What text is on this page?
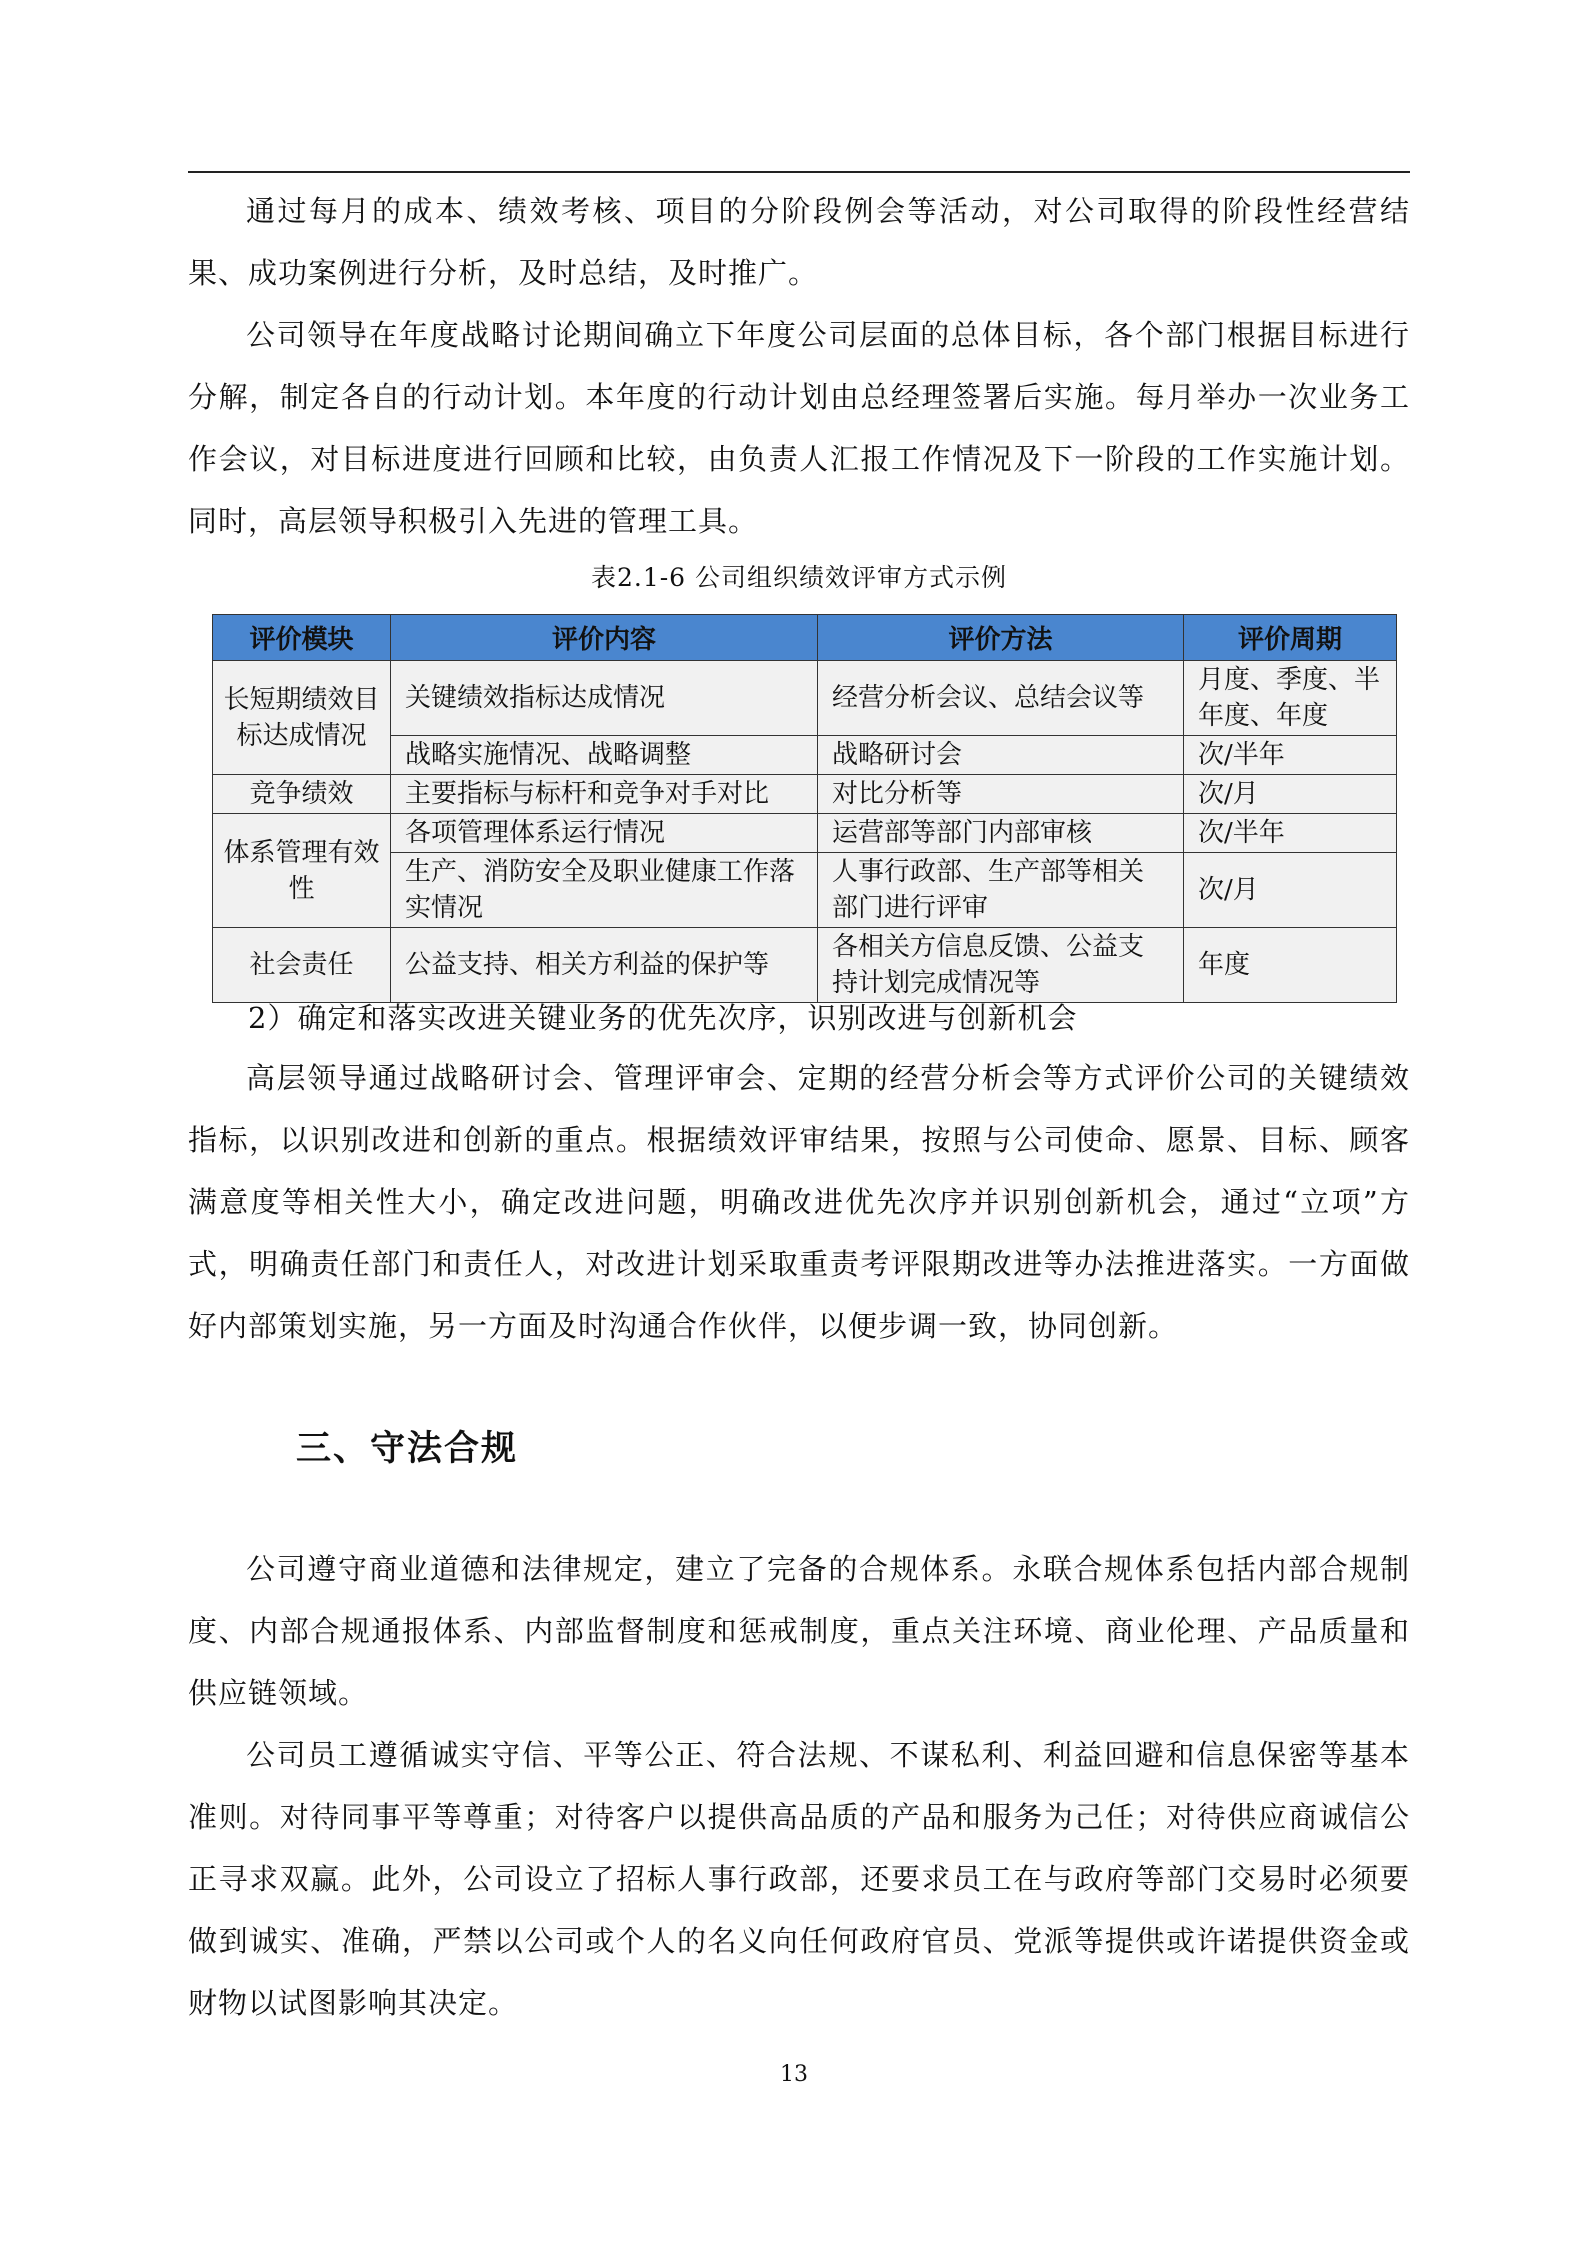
通过每月的成本、绩效考核、项目的分阶段例会等活动，对公司取得的阶段性经营结果、成功案例进行分析，及时总结，及时推广。

公司领导在年度战略讨论期间确立下年度公司层面的总体目标，各个部门根据目标进行分解，制定各自的行动计划。本年度的行动计划由总经理签署后实施。每月举办一次业务工作会议，对目标进度进行回顾和比较，由负责人汇报工作情况及下一阶段的工作实施计划。同时，高层领导积极引入先进的管理工具。

表2.1-6 公司组织绩效评审方式示例
评价模块	评价内容	评价方法	评价周期
长短期绩效目标达成情况	关键绩效指标达成情况	经营分析会议、总结会议等	月度、季度、半年度、年度
	战略实施情况、战略调整	战略研讨会	次/半年
竞争绩效	主要指标与标杆和竞争对手对比	对比分析等	次/月
体系管理有效性	各项管理体系运行情况	运营部等部门内部审核	次/半年
	生产、消防安全及职业健康工作落实情况	人事行政部、生产部等相关部门进行评审	次/月
社会责任	公益支持、相关方利益的保护等	各相关方信息反馈、公益支持计划完成情况等	年度
2）确定和落实改进关键业务的优先次序，识别改进与创新机会

高层领导通过战略研讨会、管理评审会、定期的经营分析会等方式评价公司的关键绩效指标，以识别改进和创新的重点。根据绩效评审结果，按照与公司使命、愿景、目标、顾客满意度等相关性大小，确定改进问题，明确改进优先次序并识别创新机会，通过“立项”方式，明确责任部门和责任人，对改进计划采取重责考评限期改进等办法推进落实。一方面做好内部策划实施，另一方面及时沟通合作伙伴，以便步调一致，协同创新。

三、守法合规

公司遵守商业道德和法律规定，建立了完备的合规体系。永联合规体系包括内部合规制度、内部合规通报体系、内部监督制度和惩戒制度，重点关注环境、商业伦理、产品质量和供应链领域。

公司员工遵循诚实守信、平等公正、符合法规、不谋私利、利益回避和信息保密等基本准则。对待同事平等尊重；对待客户以提供高品质的产品和服务为己任；对待供应商诚信公正寻求双赢。此外，公司设立了招标人事行政部，还要求员工在与政府等部门交易时必须要做到诚实、准确，严禁以公司或个人的名义向任何政府官员、党派等提供或许诺提供资金或财物以试图影响其决定。

13
